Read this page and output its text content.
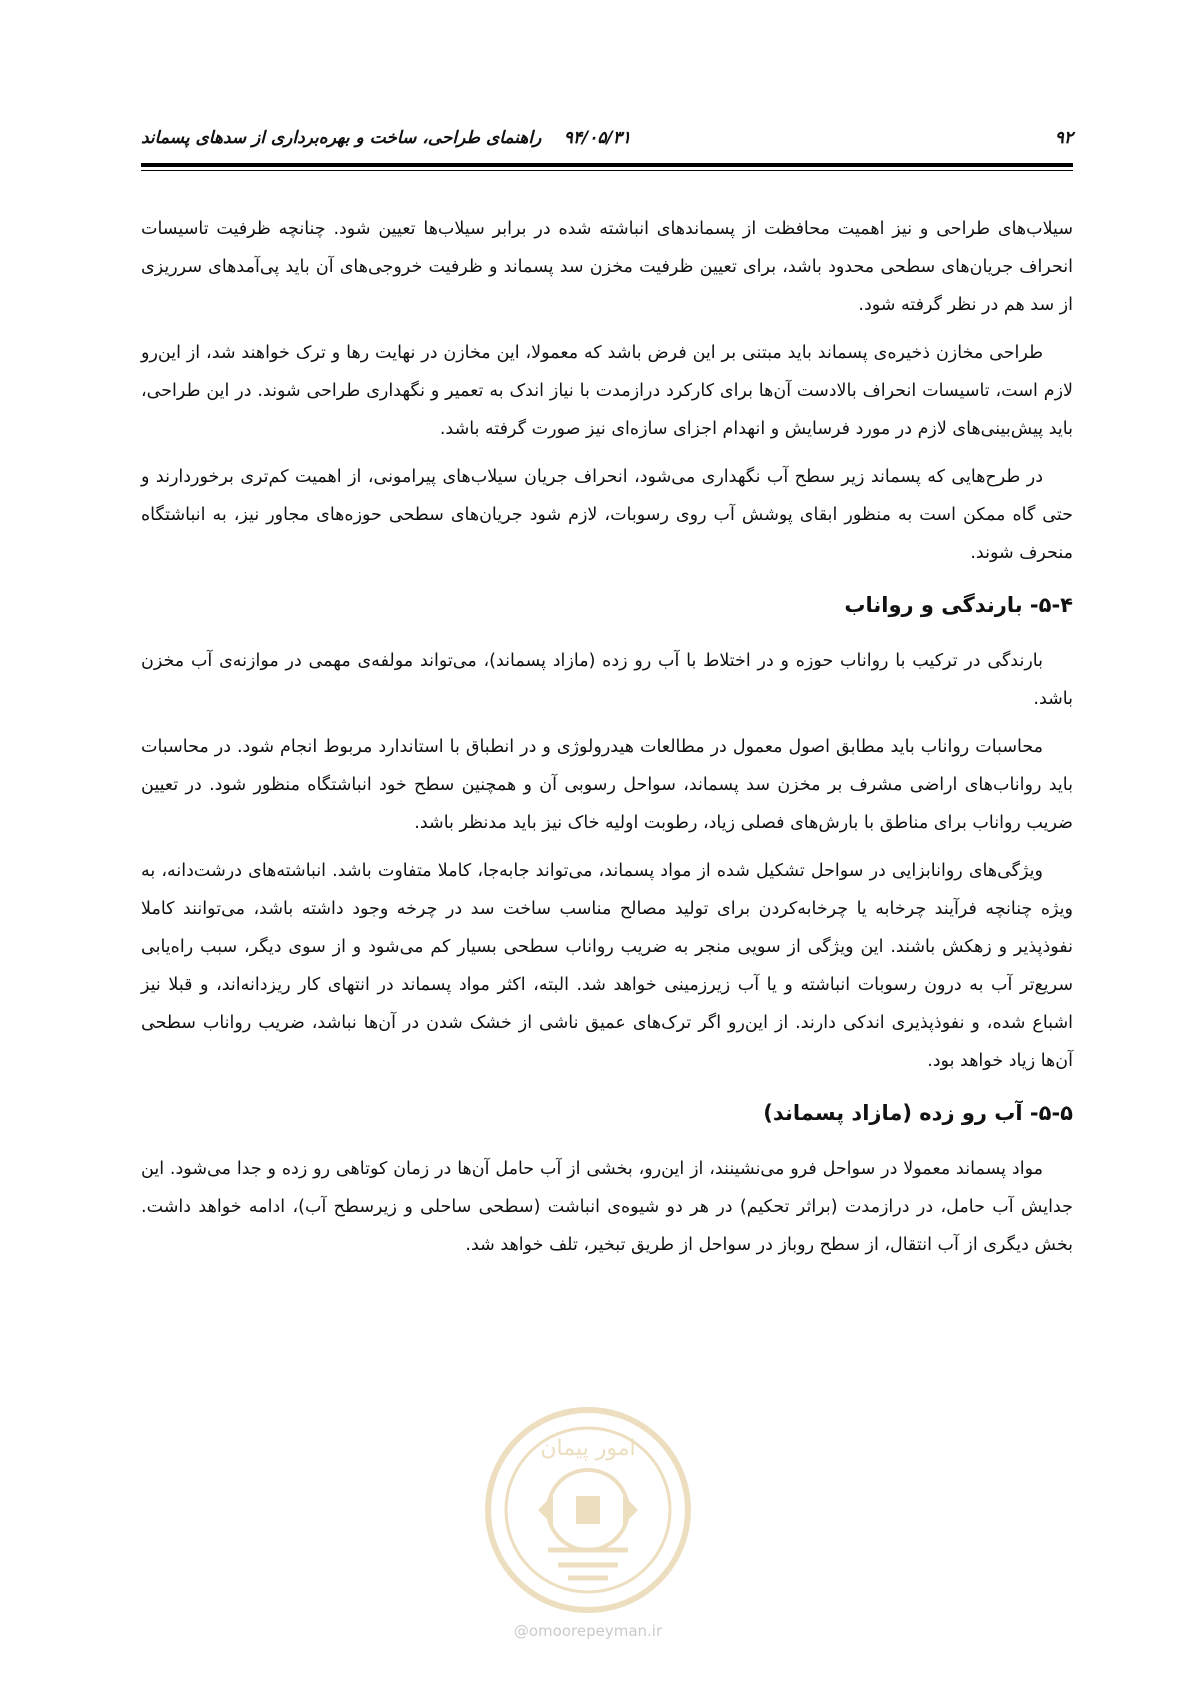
۹۲
۹۴/۰۵/۳۱
راهنمای طراحی، ساخت و بهره‌برداری از سدهای پسماند

سیلاب‌های طراحی و نیز اهمیت محافظت از پسماندهای انباشته شده در برابر سیلاب‌ها تعیین شود. چنانچه ظرفیت تاسیسات انحراف جریان‌های سطحی محدود باشد، برای تعیین ظرفیت مخزن سد پسماند و ظرفیت خروجی‌های آن باید پی‌آمدهای سرریزی از سد هم در نظر گرفته شود.

طراحی مخازن ذخیره‌ی پسماند باید مبتنی بر این فرض باشد که معمولا، این مخازن در نهایت رها و ترک خواهند شد، از این‌رو لازم است، تاسیسات انحراف بالادست آن‌ها برای کارکرد درازمدت با نیاز اندک به تعمیر و نگهداری طراحی شوند. در این طراحی، باید پیش‌بینی‌های لازم در مورد فرسایش و انهدام اجزای سازه‌ای نیز صورت گرفته باشد.

در طرح‌هایی که پسماند زیر سطح آب نگهداری می‌شود، انحراف جریان سیلاب‌های پیرامونی، از اهمیت کم‌تری برخوردارند و حتی گاه ممکن است به منظور ابقای پوشش آب روی رسوبات، لازم شود جریان‌های سطحی حوزه‌های مجاور نیز، به انباشتگاه منحرف شوند.

۵-۴- بارندگی و رواناب

بارندگی در ترکیب با رواناب حوزه و در اختلاط با آب رو زده (مازاد پسماند)، می‌تواند مولفه‌ی مهمی در موازنه‌ی آب مخزن باشد.

محاسبات رواناب باید مطابق اصول معمول در مطالعات هیدرولوژی و در انطباق با استاندارد مربوط انجام شود. در محاسبات باید رواناب‌های اراضی مشرف بر مخزن سد پسماند، سواحل رسوبی آن و همچنین سطح خود انباشتگاه منظور شود. در تعیین ضریب رواناب برای مناطق با بارش‌های فصلی زیاد، رطوبت اولیه خاک نیز باید مدنظر باشد.

ویژگی‌های روانابزایی در سواحل تشکیل شده از مواد پسماند، می‌تواند جابه‌جا، کاملا متفاوت باشد. انباشته‌های درشت‌دانه، به ویژه چنانچه فرآیند چرخابه یا چرخابه‌کردن برای تولید مصالح مناسب ساخت سد در چرخه وجود داشته باشد، می‌توانند کاملا نفوذپذیر و زهکش باشند. این ویژگی از سویی منجر به ضریب رواناب سطحی بسیار کم می‌شود و از سوی دیگر، سبب راه‌یابی سریع‌تر آب به درون رسوبات انباشته و یا آب زیرزمینی خواهد شد. البته، اکثر مواد پسماند در انتهای کار ریزدانه‌اند، و قبلا نیز اشباع شده، و نفوذپذیری اندکی دارند. از این‌رو اگر ترک‌های عمیق ناشی از خشک شدن در آن‌ها نباشد، ضریب رواناب سطحی آن‌ها زیاد خواهد بود.

۵-۵- آب رو زده (مازاد پسماند)

مواد پسماند معمولا در سواحل فرو می‌نشینند، از این‌رو، بخشی از آب حامل آن‌ها در زمان کوتاهی رو زده و جدا می‌شود. این جدایش آب حامل، در درازمدت (براثر تحکیم) در هر دو شیوه‌ی انباشت (سطحی ساحلی و زیرسطح آب)، ادامه خواهد داشت. بخش دیگری از آب انتقال، از سطح روباز در سواحل از طریق تبخیر، تلف خواهد شد.

امور پیمان
@omoorepeyman.ir
